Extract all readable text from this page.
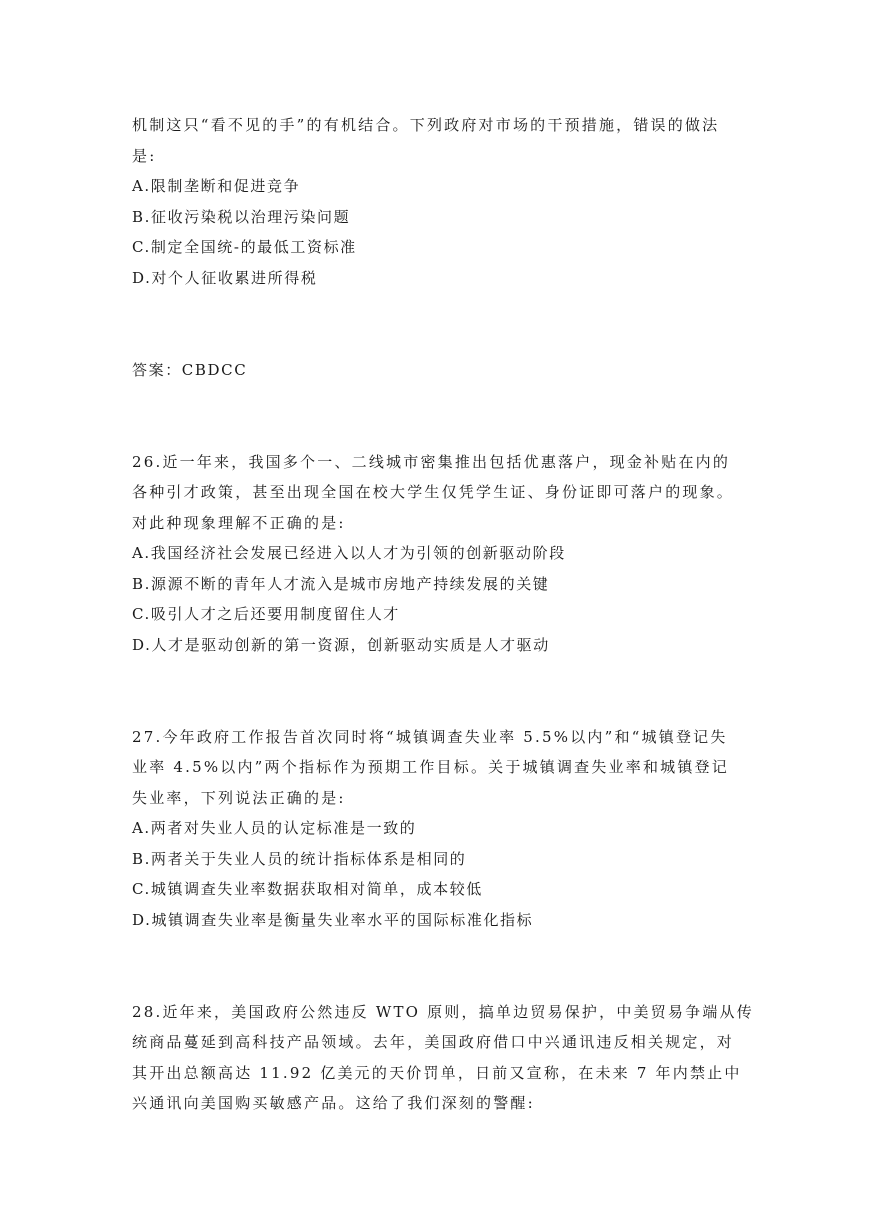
机制这只“看不见的手”的有机结合。下列政府对市场的干预措施，错误的做法
是:
A.限制垄断和促进竞争
B.征收污染税以治理污染问题
C.制定全国统-的最低工资标准
D.对个人征收累进所得税
答案：CBDCC
26.近一年来，我国多个一、二线城市密集推出包括优惠落户，现金补贴在内的
各种引才政策，甚至出现全国在校大学生仅凭学生证、身份证即可落户的现象。
对此种现象理解不正确的是:
A.我国经济社会发展已经进入以人才为引领的创新驱动阶段
B.源源不断的青年人才流入是城市房地产持续发展的关键
C.吸引人才之后还要用制度留住人才
D.人才是驱动创新的第一资源，创新驱动实质是人才驱动
27.今年政府工作报告首次同时将“城镇调查失业率 5.5%以内”和“城镇登记失
业率 4.5%以内”两个指标作为预期工作目标。关于城镇调查失业率和城镇登记
失业率，下列说法正确的是:
A.两者对失业人员的认定标准是一致的
B.两者关于失业人员的统计指标体系是相同的
C.城镇调查失业率数据获取相对简单，成本较低
D.城镇调查失业率是衡量失业率水平的国际标准化指标
28.近年来，美国政府公然违反 WTO 原则，搞单边贸易保护，中美贸易争端从传
统商品蔓延到高科技产品领域。去年，美国政府借口中兴通讯违反相关规定，对
其开出总额高达 11.92 亿美元的天价罚单，日前又宣称，在未来 7 年内禁止中
兴通讯向美国购买敏感产品。这给了我们深刻的警醒:
